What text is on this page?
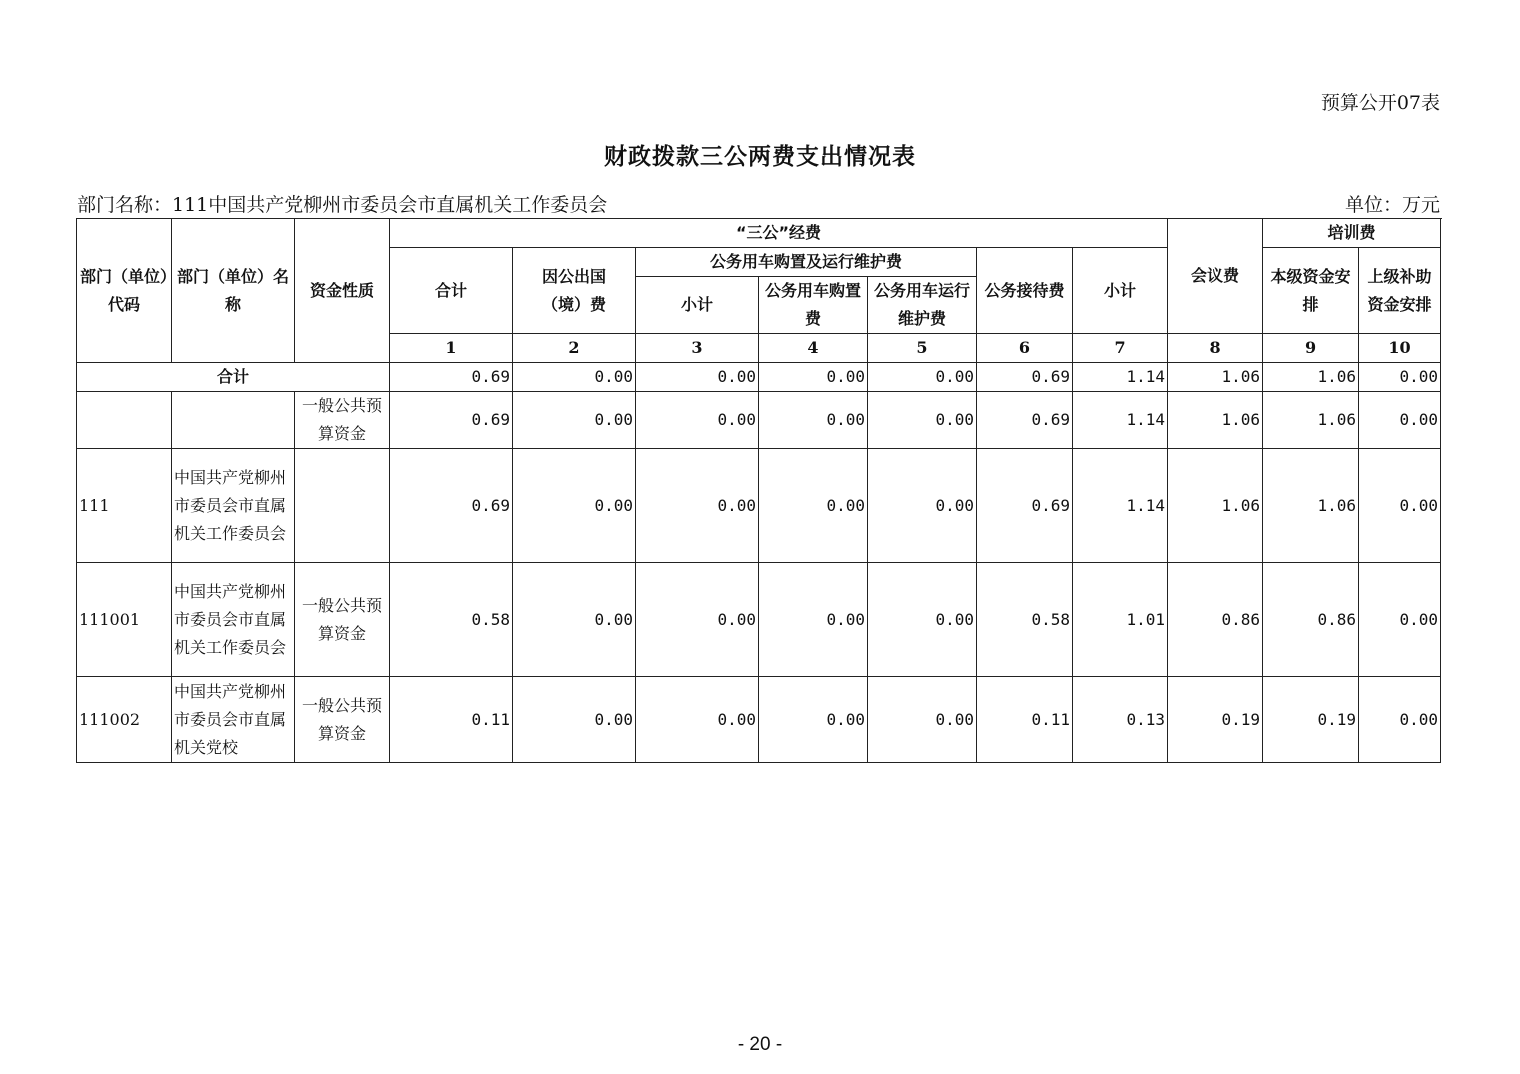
预算公开07表
财政拨款三公两费支出情况表
部门名称：111中国共产党柳州市委员会市直属机关工作委员会	单位：万元
部门（单位）代码	部门（单位）名称	资金性质	“三公”经费							会议费	培训费	
			合计	因公出国（境）费	公务用车购置及运行维护费			公务接待费	小计		本级资金安排	上级补助资金安排
					小计	公务用车购置费	公务用车运行维护费					

			1	2	3	4	5	6	7	8	9	10
合计			0.69	0.00	0.00	0.00	0.00	0.69	1.14	1.06	1.06	0.00
		一般公共预算资金	0.69	0.00	0.00	0.00	0.00	0.69	1.14	1.06	1.06	0.00
111	中国共产党柳州市委员会市直属机关工作委员会		0.69	0.00	0.00	0.00	0.00	0.69	1.14	1.06	1.06	0.00
111001	中国共产党柳州市委员会市直属机关工作委员会	一般公共预算资金	0.58	0.00	0.00	0.00	0.00	0.58	1.01	0.86	0.86	0.00
111002	中国共产党柳州市委员会市直属机关党校	一般公共预算资金	0.11	0.00	0.00	0.00	0.00	0.11	0.13	0.19	0.19	0.00
- 20 -
